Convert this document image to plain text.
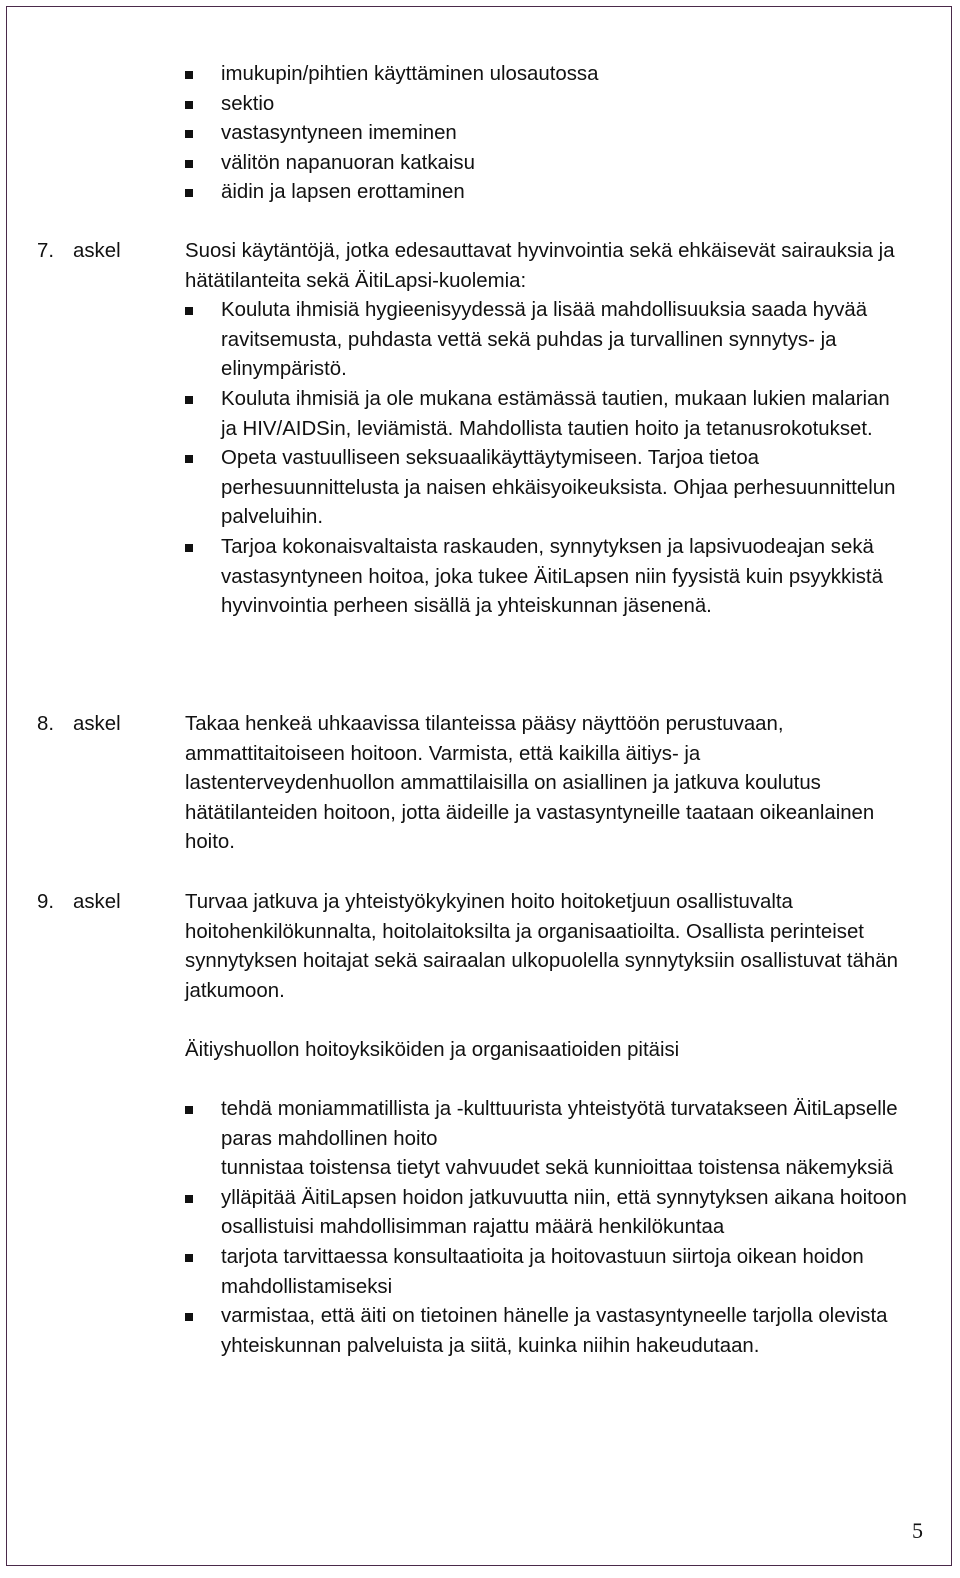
imukupin/pihtien käyttäminen ulosautossa
sektio
vastasyntyneen imeminen
välitön napanuoran katkaisu
äidin ja lapsen erottaminen
7. askel	Suosi käytäntöjä, jotka edesauttavat hyvinvointia sekä ehkäisevät sairauksia ja hätätilanteita sekä ÄitiLapsi-kuolemia:

Kouluta ihmisiä hygieenisyydessä ja lisää mahdollisuuksia saada hyvää ravitsemusta, puhdasta vettä sekä puhdas ja turvallinen synnytys- ja elinympäristö.
Kouluta ihmisiä ja ole mukana estämässä tautien, mukaan lukien malarian ja HIV/AIDSin, leviämistä. Mahdollista tautien hoito ja tetanusrokotukset.
Opeta vastuulliseen seksuaalikäyttäytymiseen. Tarjoa tietoa perhesuunnittelusta ja naisen ehkäisyoikeuksista. Ohjaa perhesuunnittelun palveluihin.
Tarjoa kokonaisvaltaista raskauden, synnytyksen ja lapsivuodeajan sekä vastasyntyneen hoitoa, joka tukee ÄitiLapsen niin fyysistä kuin psyykkistä hyvinvointia perheen sisällä ja yhteiskunnan jäsenenä.
8. askel	Takaa henkeä uhkaavissa tilanteissa pääsy näyttöön perustuvaan, ammattitaitoiseen hoitoon. Varmista, että kaikilla äitiys- ja lastenterveydenhuollon ammattilaisilla on asiallinen ja jatkuva koulutus hätätilanteiden hoitoon, jotta äideille ja vastasyntyneille taataan oikeanlainen hoito.

9. askel	Turvaa jatkuva ja yhteistyökykyinen hoito hoitoketjuun osallistuvalta hoitohenkilökunnalta, hoitolaitoksilta ja organisaatioilta. Osallista perinteiset synnytyksen hoitajat sekä sairaalan ulkopuolella synnytyksiin osallistuvat tähän jatkumoon.

Äitiyshuollon hoitoyksiköiden ja organisaatioiden pitäisi
tehdä moniammatillista ja -kulttuurista yhteistyötä turvatakseen ÄitiLapselle paras mahdollinen hoito
tunnistaa toistensa tietyt vahvuudet sekä kunnioittaa toistensa näkemyksiä
ylläpitää ÄitiLapsen hoidon jatkuvuutta niin, että synnytyksen aikana hoitoon osallistuisi mahdollisimman rajattu määrä henkilökuntaa
tarjota tarvittaessa konsultaatioita ja hoitovastuun siirtoja oikean hoidon mahdollistamiseksi
varmistaa, että äiti on tietoinen hänelle ja vastasyntyneelle tarjolla olevista yhteiskunnan palveluista ja siitä, kuinka niihin hakeudutaan.
5
